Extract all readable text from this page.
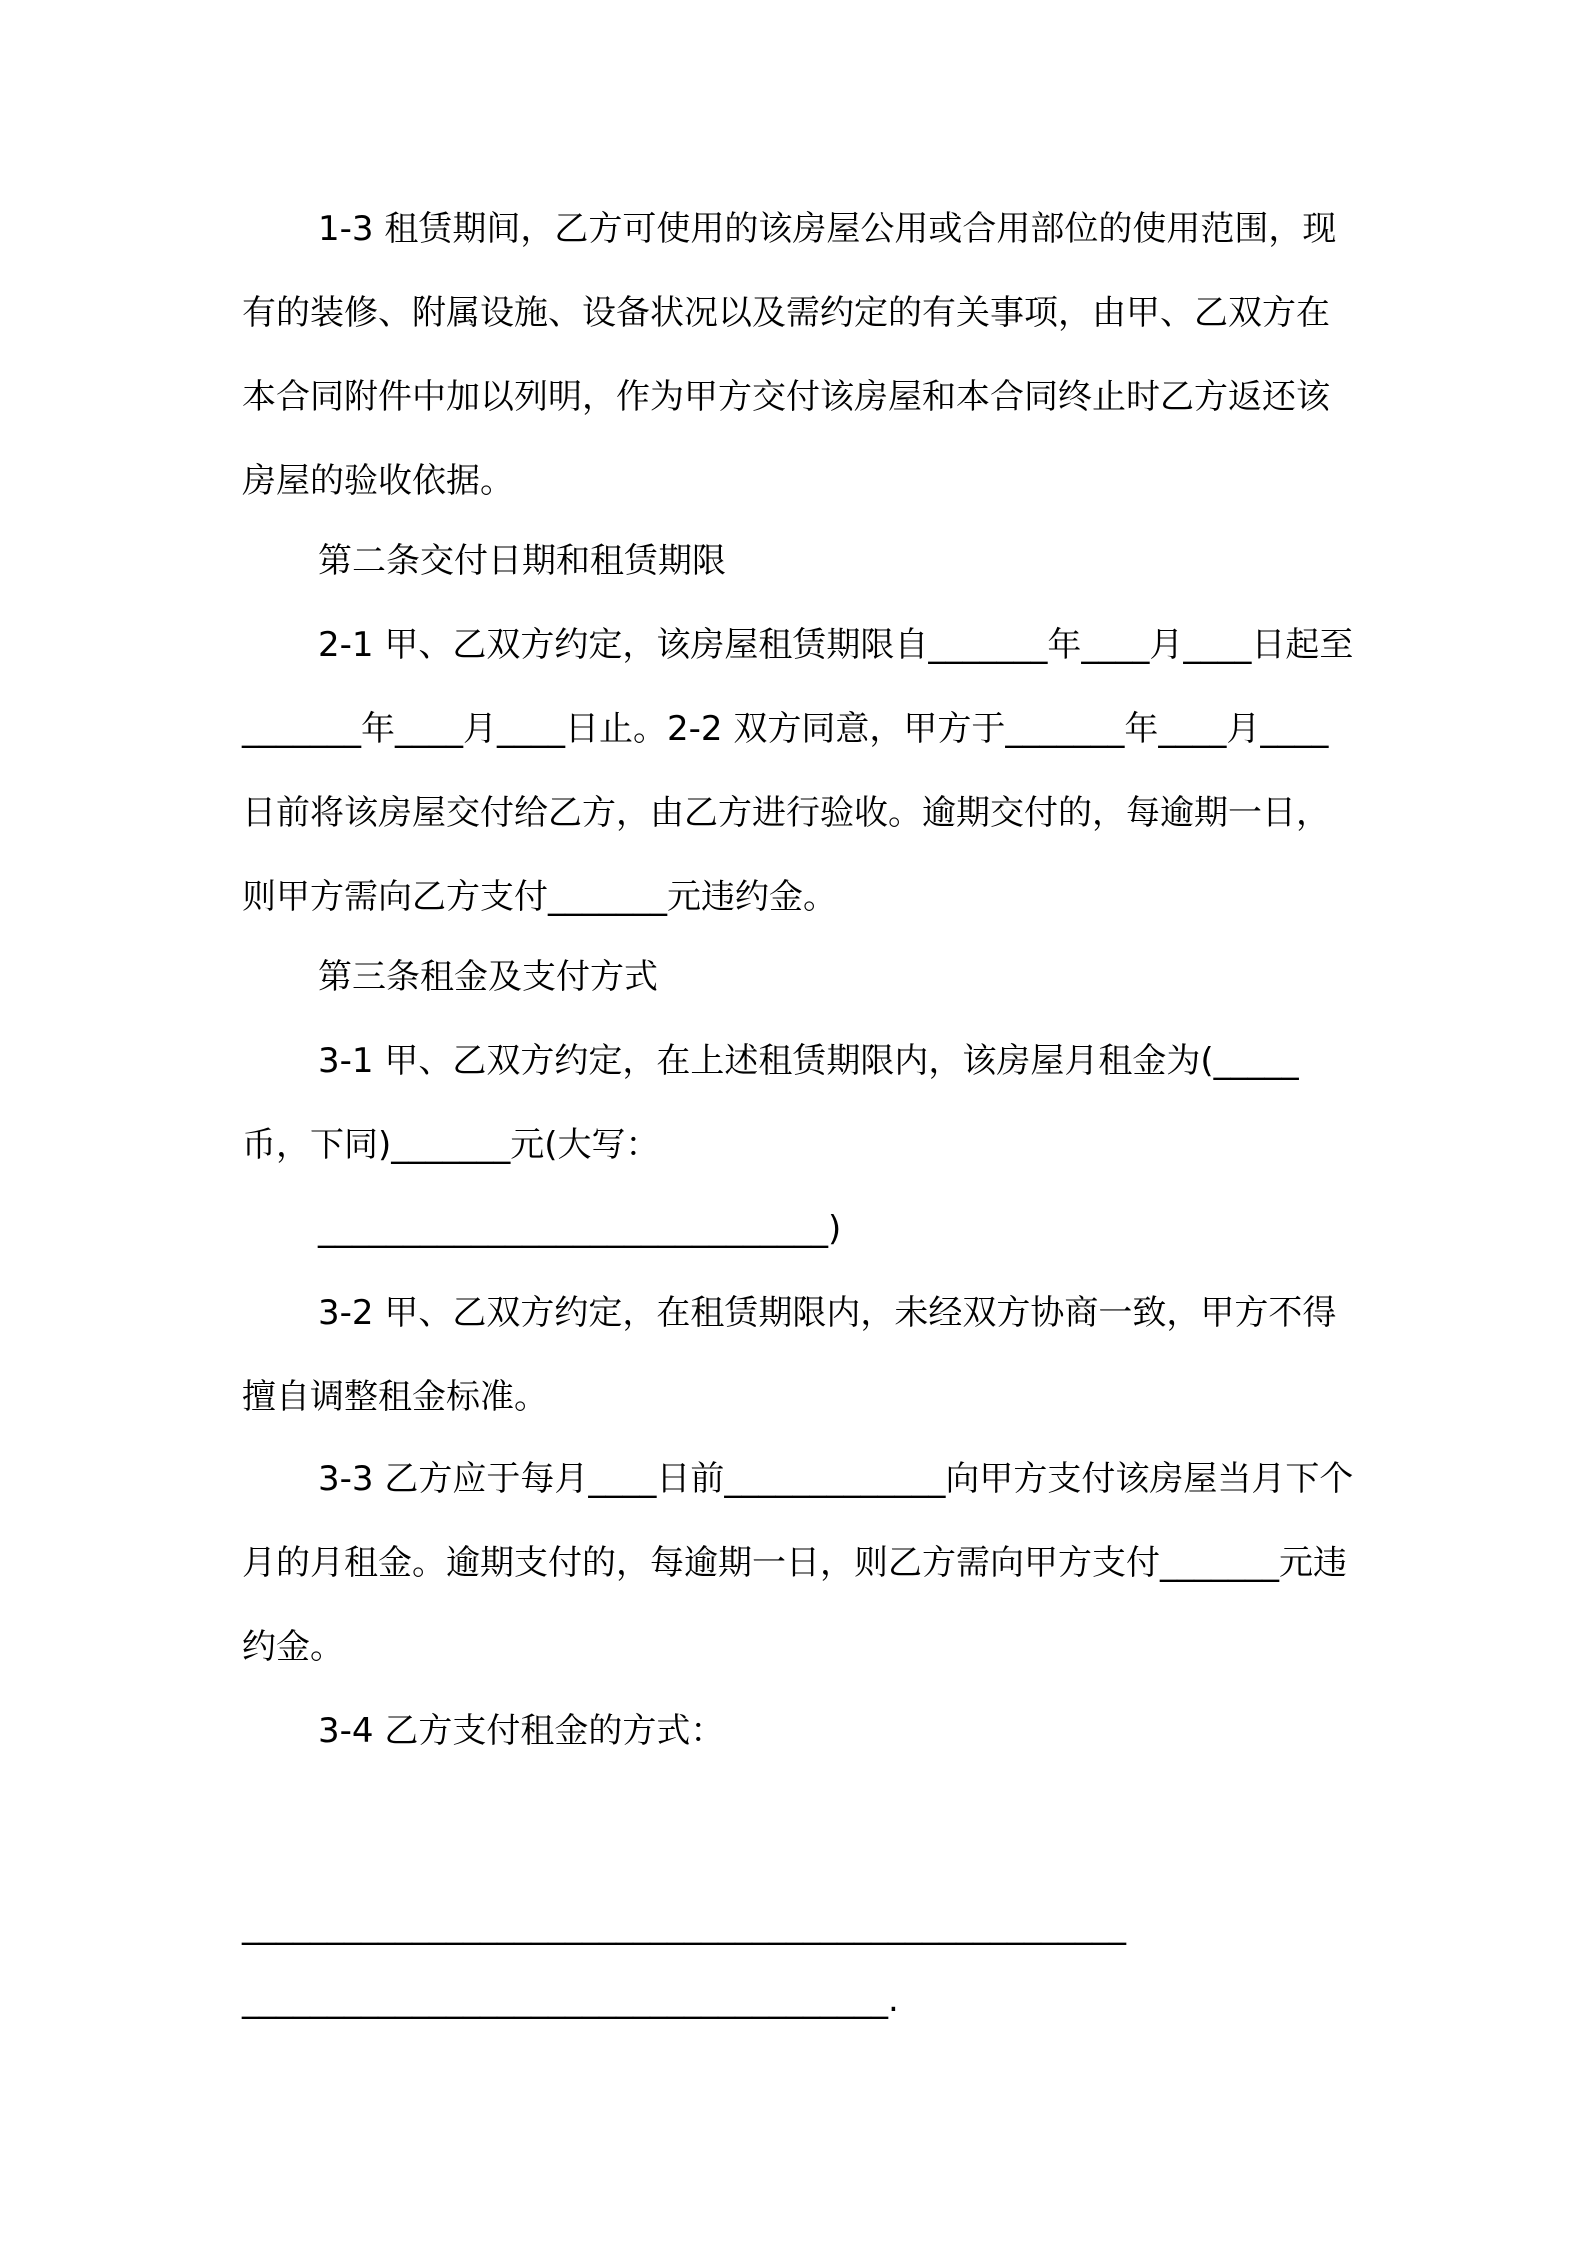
1-3 租赁期间，乙方可使用的该房屋公用或合用部位的使用范围，现有的装修、附属设施、设备状况以及需约定的有关事项，由甲、乙双方在本合同附件中加以列明，作为甲方交付该房屋和本合同终止时乙方返还该房屋的验收依据。
第二条交付日期和租赁期限
2-1 甲、乙双方约定，该房屋租赁期限自_______年____月____日起至_______年____月____日止。2-2 双方同意，甲方于_______年____月____日前将该房屋交付给乙方，由乙方进行验收。逾期交付的，每逾期一日，则甲方需向乙方支付_______元违约金。
第三条租金及支付方式
3-1 甲、乙双方约定，在上述租赁期限内，该房屋月租金为(_____币，下同)_______元(大写：
______________________________)
3-2 甲、乙双方约定，在租赁期限内，未经双方协商一致，甲方不得擅自调整租金标准。
3-3 乙方应于每月____日前_____________向甲方支付该房屋当月下个月的月租金。逾期支付的，每逾期一日，则乙方需向甲方支付_______元违约金。
3-4 乙方支付租金的方式：
____________________________________________________
______________________________________.
